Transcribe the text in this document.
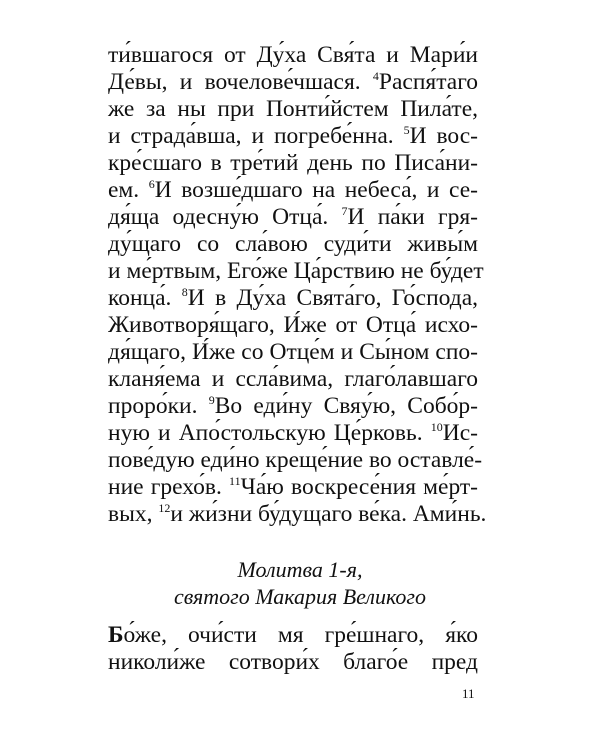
ти́вшагося от Ду́ха Свя́та и Мари́и
Де́вы, и вочелове́чшася. $^4$Распя́таго
же за ны при Понти́йстем Пила́те,
и страда́вша, и погребе́нна. $^5$И вос-
кре́сшаго в тре́тий день по Писа́ни-
ем. $^6$И возше́дшаго на небеса́, и се-
дя́ща одесну́ю Отца́. $^7$И па́ки гря-
ду́щаго со сла́вою суди́ти живы́м
и ме́ртвым, Его́же Ца́рствию не бу́дет
конца́. $^8$И в Ду́ха Свята́го, Го́спода,
Животворя́щаго, И́же от Отца́ исхо-
дя́щаго, И́же со Отце́м и Сы́ном спо-
кланя́ема и ссла́вима, глаго́лавшаго
проро́ки. $^9$Во еди́ну Свяу́ю, Собо́р-
ную и Апо́стольскую Це́рковь. $^{10}$Ис-
пове́дую еди́но креще́ние во оставле́-
ние грехо́в. $^{11}$Ча́ю воскресе́ния ме́рт-
вых, $^{12}$и жи́зни бу́дущаго ве́ка. Ами́нь.
Молитва 1-я,
святого Макария Великого
Бо́же, очи́сти мя гре́шнаго, я́ко
николи́же сотвори́х благо́е пред
11
